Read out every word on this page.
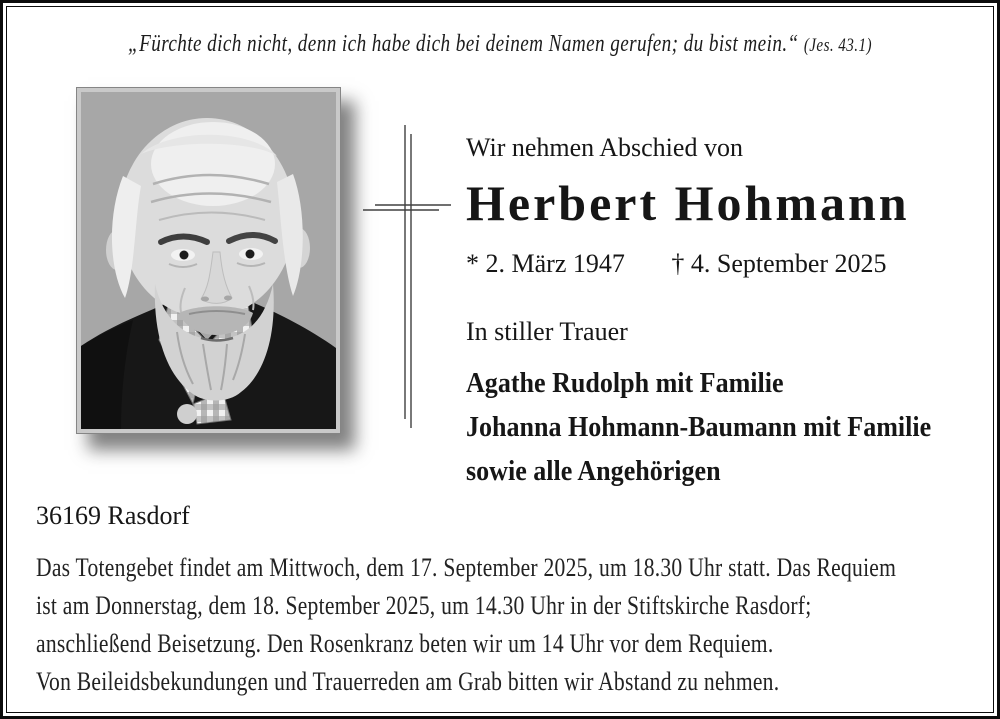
„Fürchte dich nicht, denn ich habe dich bei deinem Namen gerufen; du bist mein.“ (Jes. 43.1)
Wir nehmen Abschied von
Herbert Hohmann
* 2. März 1947 † 4. September 2025
In stiller Trauer
Agathe Rudolph mit Familie
Johanna Hohmann-Baumann mit Familie
sowie alle Angehörigen
36169 Rasdorf
Das Totengebet findet am Mittwoch, dem 17. September 2025, um 18.30 Uhr statt. Das Requiem
ist am Donnerstag, dem 18. September 2025, um 14.30 Uhr in der Stiftskirche Rasdorf;
anschließend Beisetzung. Den Rosenkranz beten wir um 14 Uhr vor dem Requiem.
Von Beileidsbekundungen und Trauerreden am Grab bitten wir Abstand zu nehmen.
